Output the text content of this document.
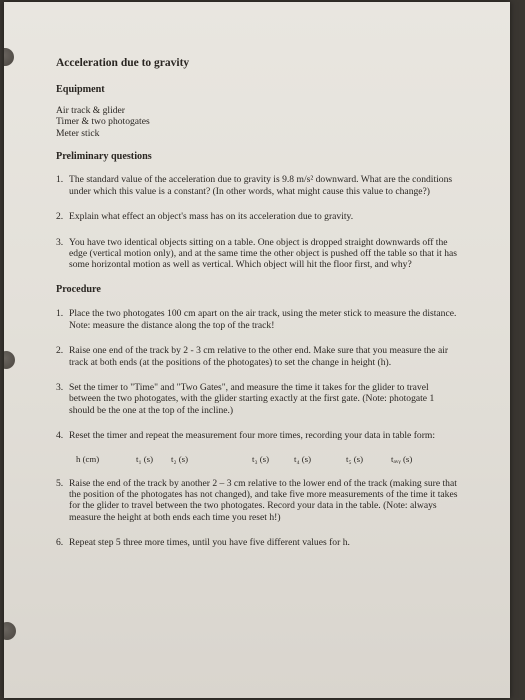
Acceleration due to gravity
Equipment
Air track & glider
Timer & two photogates
Meter stick
Preliminary questions
1. The standard value of the acceleration due to gravity is 9.8 m/s² downward. What are the conditions under which this value is a constant? (In other words, what might cause this value to change?)
2. Explain what effect an object's mass has on its acceleration due to gravity.
3. You have two identical objects sitting on a table. One object is dropped straight downwards off the edge (vertical motion only), and at the same time the other object is pushed off the table so that it has some horizontal motion as well as vertical. Which object will hit the floor first, and why?
Procedure
1. Place the two photogates 100 cm apart on the air track, using the meter stick to measure the distance. Note: measure the distance along the top of the track!
2. Raise one end of the track by 2 - 3 cm relative to the other end. Make sure that you measure the air track at both ends (at the positions of the photogates) to set the change in height (h).
3. Set the timer to "Time" and "Two Gates", and measure the time it takes for the glider to travel between the two photogates, with the glider starting exactly at the first gate. (Note: photogate 1 should be the one at the top of the incline.)
4. Reset the timer and repeat the measurement four more times, recording your data in table form:
h (cm)	t₁ (s) t₂ (s)	t₃ (s)	t₄ (s)	t₅ (s)	tₐᵥᵧ (s)
5. Raise the end of the track by another 2 – 3 cm relative to the lower end of the track (making sure that the position of the photogates has not changed), and take five more measurements of the time it takes for the glider to travel between the two photogates. Record your data in the table. (Note: always measure the height at both ends each time you reset h!)
6. Repeat step 5 three more times, until you have five different values for h.
